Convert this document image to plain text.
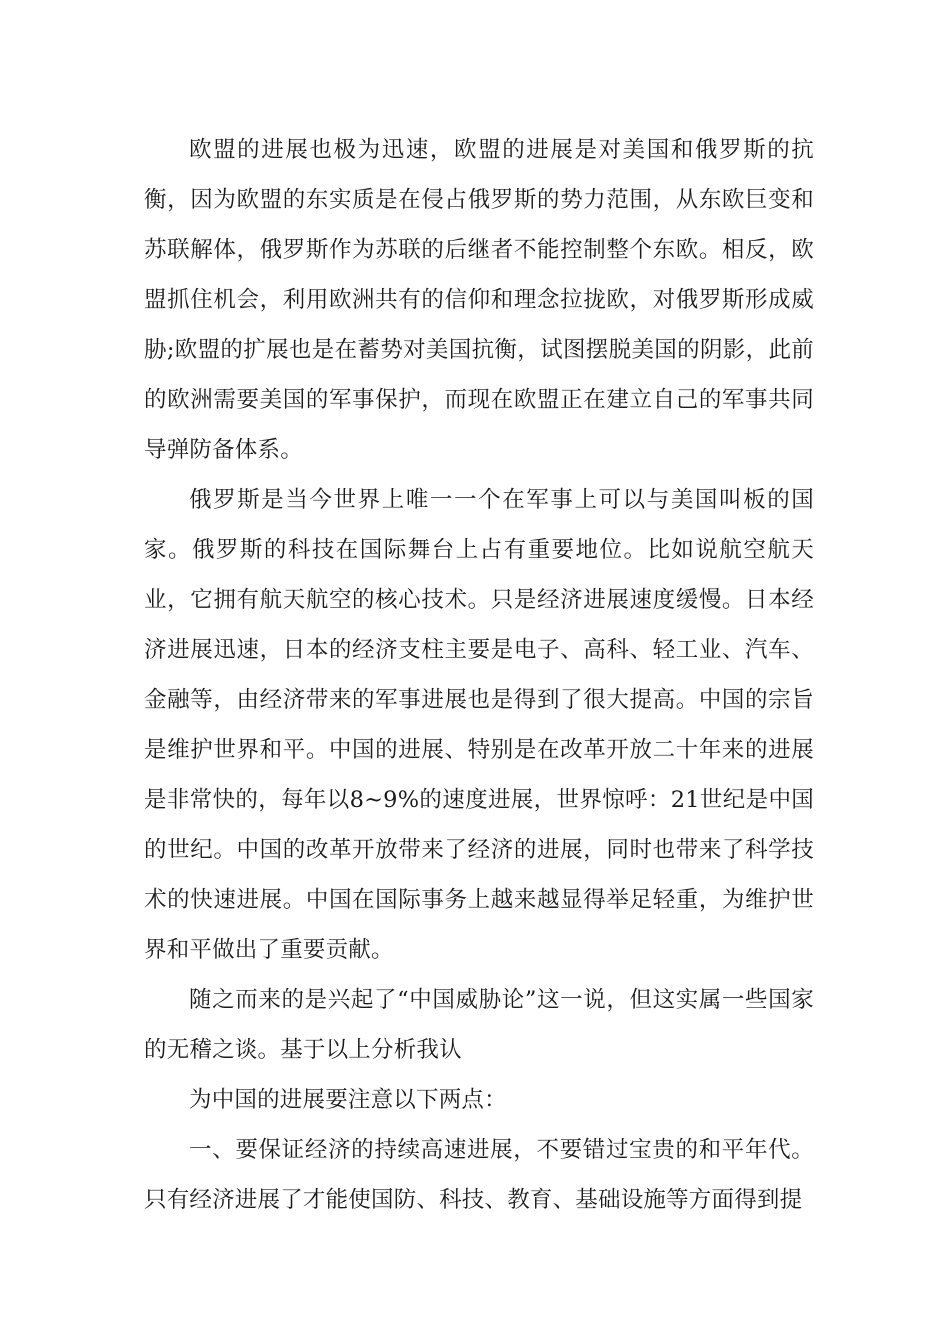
欧盟的进展也极为迅速，欧盟的进展是对美国和俄罗斯的抗衡，因为欧盟的东实质是在侵占俄罗斯的势力范围，从东欧巨变和苏联解体，俄罗斯作为苏联的后继者不能控制整个东欧。相反，欧盟抓住机会，利用欧洲共有的信仰和理念拉拢欧，对俄罗斯形成威胁;欧盟的扩展也是在蓄势对美国抗衡，试图摆脱美国的阴影，此前的欧洲需要美国的军事保护，而现在欧盟正在建立自己的军事共同导弹防备体系。

俄罗斯是当今世界上唯一一个在军事上可以与美国叫板的国家。俄罗斯的科技在国际舞台上占有重要地位。比如说航空航天业，它拥有航天航空的核心技术。只是经济进展速度缓慢。日本经济进展迅速，日本的经济支柱主要是电子、高科、轻工业、汽车、金融等，由经济带来的军事进展也是得到了很大提高。中国的宗旨是维护世界和平。中国的进展、特别是在改革开放二十年来的进展是非常快的，每年以8~9%的速度进展，世界惊呼：21世纪是中国的世纪。中国的改革开放带来了经济的进展，同时也带来了科学技术的快速进展。中国在国际事务上越来越显得举足轻重，为维护世界和平做出了重要贡献。

随之而来的是兴起了“中国威胁论”这一说，但这实属一些国家的无稽之谈。基于以上分析我认

为中国的进展要注意以下两点：

一、要保证经济的持续高速进展，不要错过宝贵的和平年代。只有经济进展了才能使国防、科技、教育、基础设施等方面得到提
